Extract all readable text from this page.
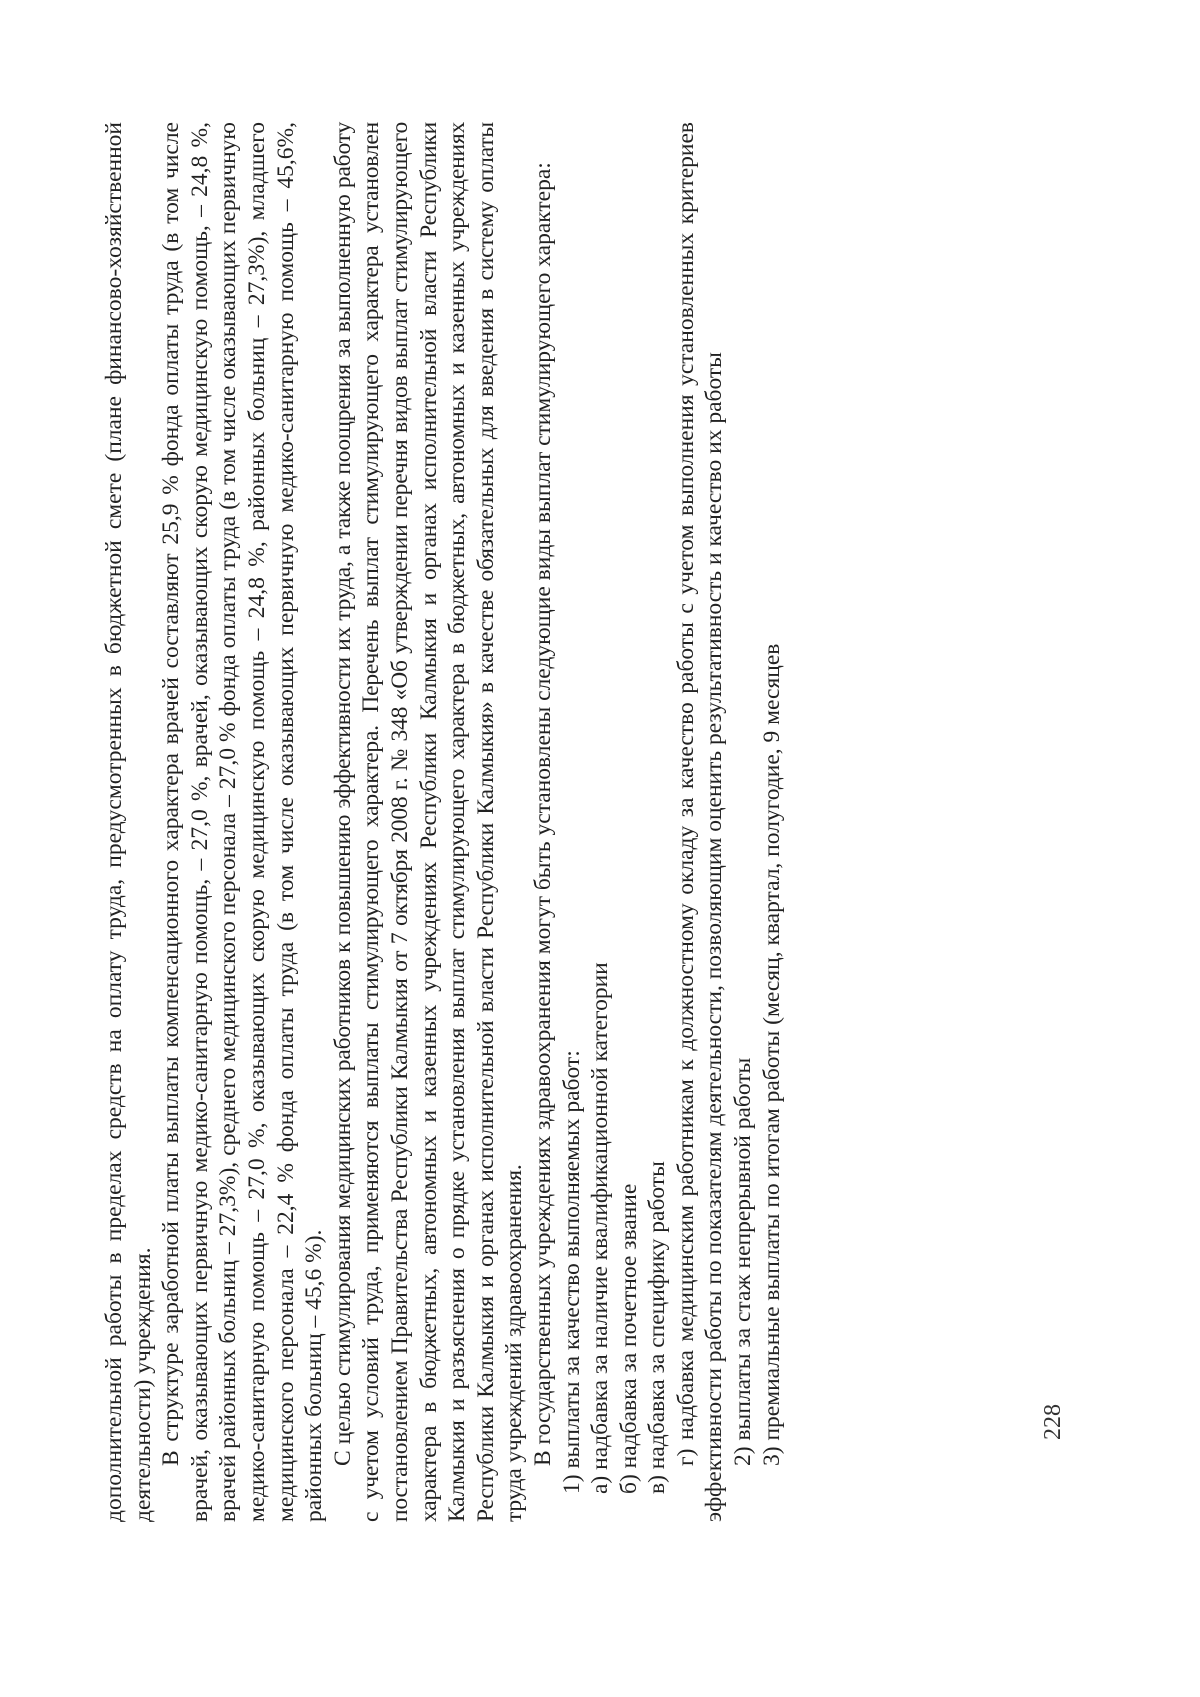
дополнительной работы в пределах средств на оплату труда, предусмотренных в бюджетной смете (плане финансово-хозяйственной деятельности) учреждения. В структуре заработной платы выплаты компенсационного характера врачей составляют 25,9 % фонда оплаты труда (в том числе врачей, оказывающих первичную медико-санитарную помощь, – 27,0 %, врачей, оказывающих скорую медицинскую помощь, – 24,8 %, врачей районных больниц – 27,3%), среднего медицинского персонала – 27,0 % фонда оплаты труда (в том числе оказывающих первичную медико-санитарную помощь – 27,0 %, оказывающих скорую медицинскую помощь – 24,8 %, районных больниц – 27,3%), младшего медицинского персонала – 22,4 % фонда оплаты труда (в том числе оказывающих первичную медико-санитарную помощь – 45,6%, районных больниц – 45,6 %). С целью стимулирования медицинских работников к повышению эффективности их труда, а также поощрения за выполненную работу с учетом условий труда, применяются выплаты стимулирующего характера. Перечень выплат стимулирующего характера установлен постановлением Правительства Республики Калмыкия от 7 октября 2008 г. № 348 «Об утверждении перечня видов выплат стимулирующего характера в бюджетных, автономных и казенных учреждениях Республики Калмыкия и органах исполнительной власти Республики Калмыкия и разъяснения о прядке установления выплат стимулирующего характера в бюджетных, автономных и казенных учреждениях Республики Калмыкия и органах исполнительной власти Республики Калмыкия» в качестве обязательных для введения в систему оплаты труда учреждений здравоохранения. В государственных учреждениях здравоохранения могут быть установлены следующие виды выплат стимулирующего характера: 1) выплаты за качество выполняемых работ: а) надбавка за наличие квалификационной категории б) надбавка за почетное звание в) надбавка за специфику работы г) надбавка медицинским работникам к должностному окладу за качество работы с учетом выполнения установленных критериев эффективности работы по показателям деятельности, позволяющим оценить результативность и качество их работы 2) выплаты за стаж непрерывной работы 3) премиальные выплаты по итогам работы (месяц, квартал, полугодие, 9 месяцев	228
